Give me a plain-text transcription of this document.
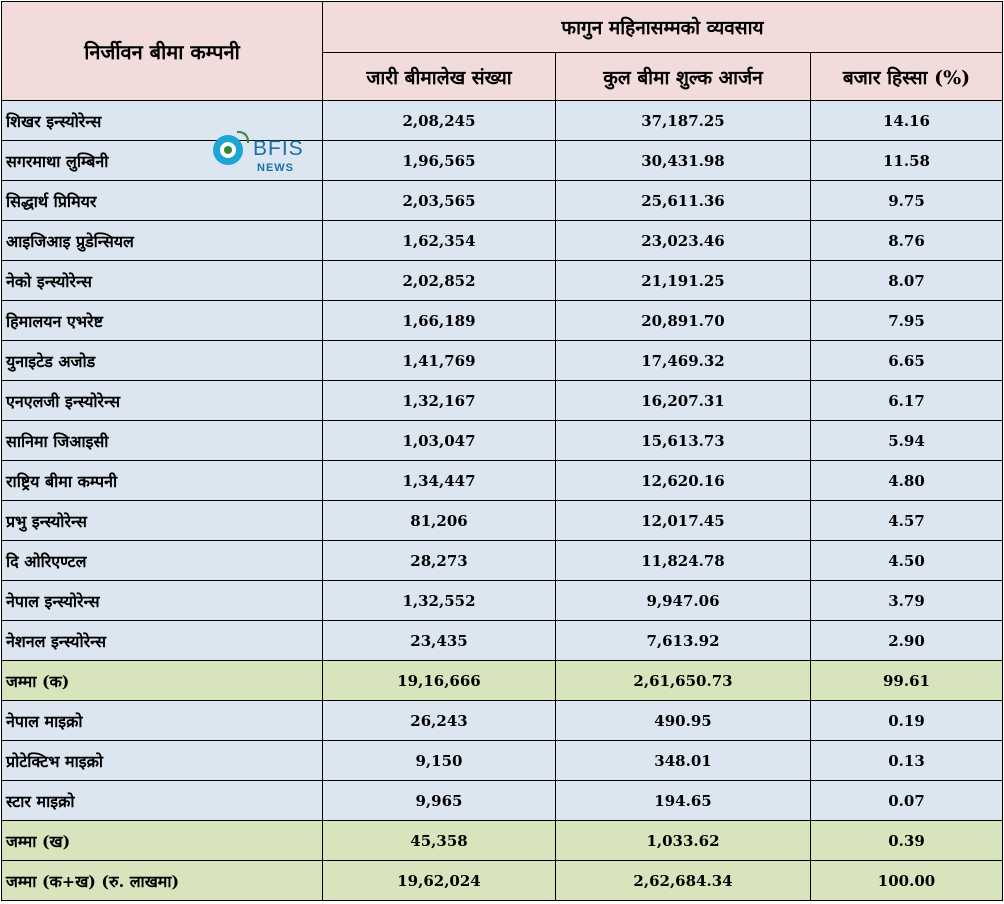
निर्जीवन बीमा कम्पनी	फागुन महिनासम्मको व्यवसाय		
	जारी बीमालेख संख्या	कुल बीमा शुल्क आर्जन	बजार हिस्सा (%)
शिखर इन्स्योरेन्स	2,08,245	37,187.25	14.16
सगरमाथा लुम्बिनी	1,96,565	30,431.98	11.58
सिद्धार्थ प्रिमियर	2,03,565	25,611.36	9.75
आइजिआइ प्रुडेन्सियल	1,62,354	23,023.46	8.76
नेको इन्स्योरेन्स	2,02,852	21,191.25	8.07
हिमालयन एभरेष्ट	1,66,189	20,891.70	7.95
युनाइटेड अजोड	1,41,769	17,469.32	6.65
एनएलजी इन्स्योरेन्स	1,32,167	16,207.31	6.17
सानिमा जिआइसी	1,03,047	15,613.73	5.94
राष्ट्रिय बीमा कम्पनी	1,34,447	12,620.16	4.80
प्रभु इन्स्योरेन्स	81,206	12,017.45	4.57
दि ओरिएण्टल	28,273	11,824.78	4.50
नेपाल इन्स्योरेन्स	1,32,552	9,947.06	3.79
नेशनल इन्स्योरेन्स	23,435	7,613.92	2.90
जम्मा (क)	19,16,666	2,61,650.73	99.61
नेपाल माइक्रो	26,243	490.95	0.19
प्रोटेक्टिभ माइक्रो	9,150	348.01	0.13
स्टार माइक्रो	9,965	194.65	0.07
जम्मा (ख)	45,358	1,033.62	0.39
जम्मा (क+ख) (रु. लाखमा)	19,62,024	2,62,684.34	100.00
BFIS
NEWS
